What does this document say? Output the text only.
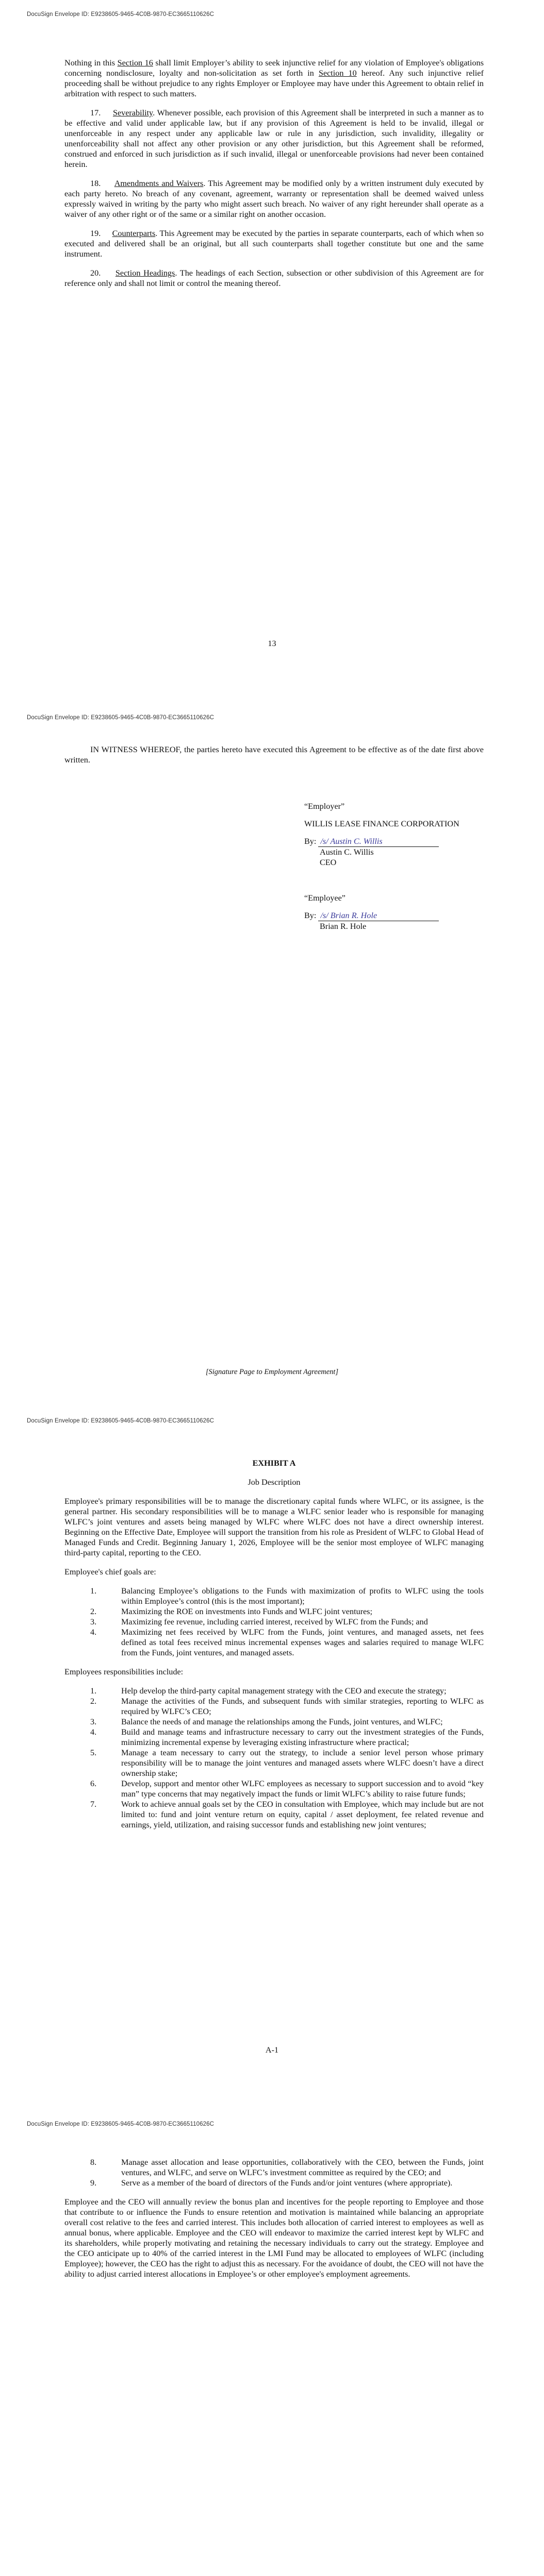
DocuSign Envelope ID: E9238605-9465-4C0B-9870-EC3665110626C

Nothing in this Section 16 shall limit Employer’s ability to seek injunctive relief for any violation of Employee's obligations concerning nondisclosure, loyalty and non-solicitation as set forth in Section 10 hereof. Any such injunctive relief proceeding shall be without prejudice to any rights Employer or Employee may have under this Agreement to obtain relief in arbitration with respect to such matters.

17. Severability. Whenever possible, each provision of this Agreement shall be interpreted in such a manner as to be effective and valid under applicable law, but if any provision of this Agreement is held to be invalid, illegal or unenforceable in any respect under any applicable law or rule in any jurisdiction, such invalidity, illegality or unenforceability shall not affect any other provision or any other jurisdiction, but this Agreement shall be reformed, construed and enforced in such jurisdiction as if such invalid, illegal or unenforceable provisions had never been contained herein.

18. Amendments and Waivers. This Agreement may be modified only by a written instrument duly executed by each party hereto. No breach of any covenant, agreement, warranty or representation shall be deemed waived unless expressly waived in writing by the party who might assert such breach. No waiver of any right hereunder shall operate as a waiver of any other right or of the same or a similar right on another occasion.

19. Counterparts. This Agreement may be executed by the parties in separate counterparts, each of which when so executed and delivered shall be an original, but all such counterparts shall together constitute but one and the same instrument.

20. Section Headings. The headings of each Section, subsection or other subdivision of this Agreement are for reference only and shall not limit or control the meaning thereof.

13
DocuSign Envelope ID: E9238605-9465-4C0B-9870-EC3665110626C

IN WITNESS WHEREOF, the parties hereto have executed this Agreement to be effective as of the date first above written.

“Employer”
WILLIS LEASE FINANCE CORPORATION
By: /s/ Austin C. Willis
Austin C. Willis
CEO
“Employee”
By: /s/ Brian R. Hole
Brian R. Hole
[Signature Page to Employment Agreement]
DocuSign Envelope ID: E9238605-9465-4C0B-9870-EC3665110626C

EXHIBIT A

Job Description

Employee's primary responsibilities will be to manage the discretionary capital funds where WLFC, or its assignee, is the general partner. His secondary responsibilities will be to manage a WLFC senior leader who is responsible for managing WLFC’s joint ventures and assets being managed by WLFC where WLFC does not have a direct ownership interest. Beginning on the Effective Date, Employee will support the transition from his role as President of WLFC to Global Head of Managed Funds and Credit. Beginning January 1, 2026, Employee will be the senior most employee of WLFC managing third-party capital, reporting to the CEO.

Employee's chief goals are:

1.	Balancing Employee’s obligations to the Funds with maximization of profits to WLFC using the tools within Employee’s control (this is the most important);
2.	Maximizing the ROE on investments into Funds and WLFC joint ventures;
3.	Maximizing fee revenue, including carried interest, received by WLFC from the Funds; and
4.	Maximizing net fees received by WLFC from the Funds, joint ventures, and managed assets, net fees defined as total fees received minus incremental expenses wages and salaries required to manage WLFC from the Funds, joint ventures, and managed assets.

Employees responsibilities include:

1.	Help develop the third-party capital management strategy with the CEO and execute the strategy;
2.	Manage the activities of the Funds, and subsequent funds with similar strategies, reporting to WLFC as required by WLFC’s CEO;
3.	Balance the needs of and manage the relationships among the Funds, joint ventures, and WLFC;
4.	Build and manage teams and infrastructure necessary to carry out the investment strategies of the Funds, minimizing incremental expense by leveraging existing infrastructure where practical;
5.	Manage a team necessary to carry out the strategy, to include a senior level person whose primary responsibility will be to manage the joint ventures and managed assets where WLFC doesn’t have a direct ownership stake;
6.	Develop, support and mentor other WLFC employees as necessary to support succession and to avoid “key man” type concerns that may negatively impact the funds or limit WLFC’s ability to raise future funds;
7.	Work to achieve annual goals set by the CEO in consultation with Employee, which may include but are not limited to: fund and joint venture return on equity, capital / asset deployment, fee related revenue and earnings, yield, utilization, and raising successor funds and establishing new joint ventures;
A-1
DocuSign Envelope ID: E9238605-9465-4C0B-9870-EC3665110626C
8.	Manage asset allocation and lease opportunities, collaboratively with the CEO, between the Funds, joint ventures, and WLFC, and serve on WLFC’s investment committee as required by the CEO; and
9.	Serve as a member of the board of directors of the Funds and/or joint ventures (where appropriate).

Employee and the CEO will annually review the bonus plan and incentives for the people reporting to Employee and those that contribute to or influence the Funds to ensure retention and motivation is maintained while balancing an appropriate overall cost relative to the fees and carried interest. This includes both allocation of carried interest to employees as well as annual bonus, where applicable. Employee and the CEO will endeavor to maximize the carried interest kept by WLFC and its shareholders, while properly motivating and retaining the necessary individuals to carry out the strategy. Employee and the CEO anticipate up to 40% of the carried interest in the LMI Fund may be allocated to employees of WLFC (including Employee); however, the CEO has the right to adjust this as necessary. For the avoidance of doubt, the CEO will not have the ability to adjust carried interest allocations in Employee’s or other employee's employment agreements.
